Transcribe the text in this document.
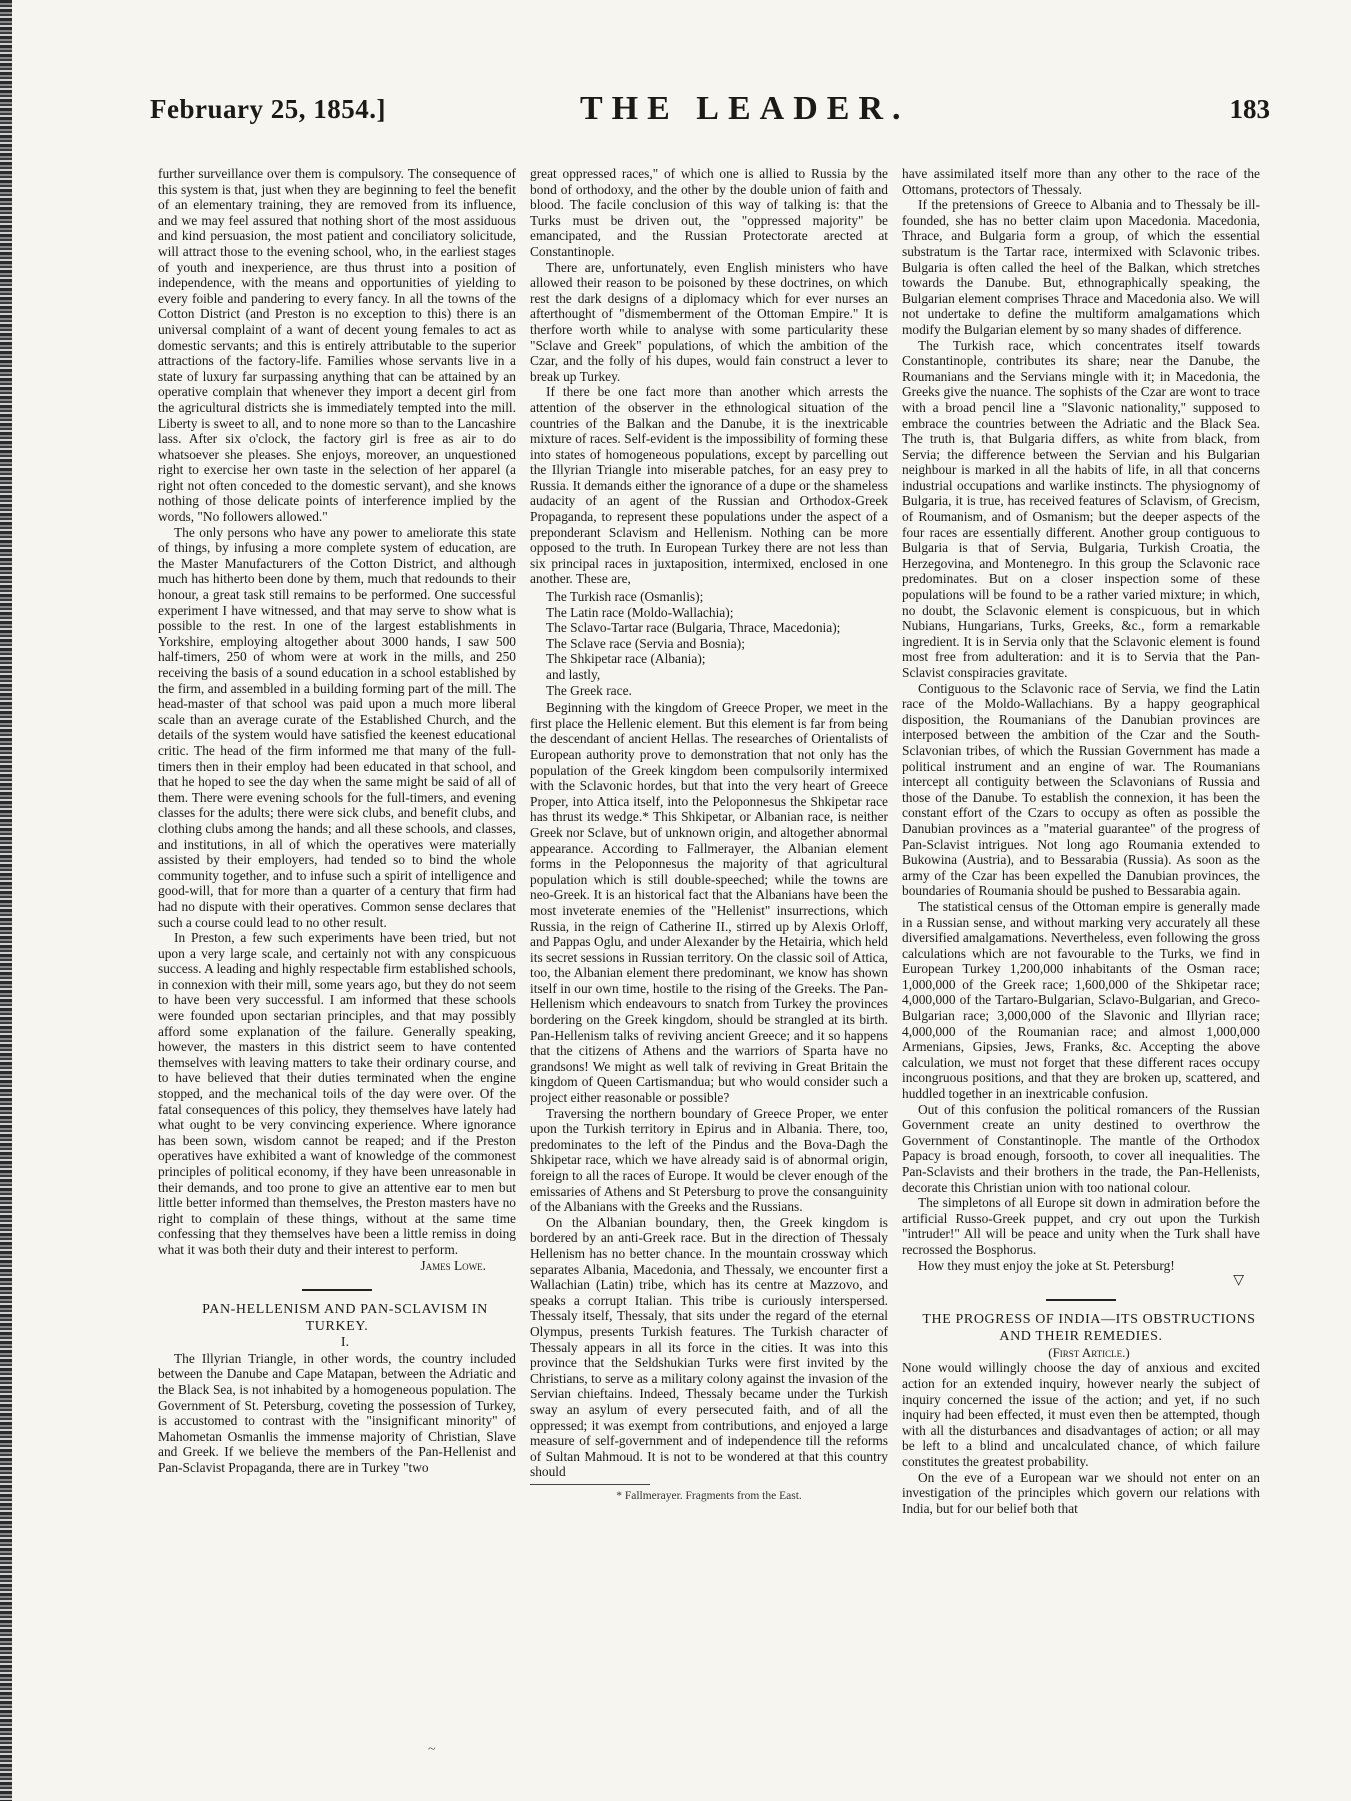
February 25, 1854.]	THE LEADER.	183

further surveillance over them is compulsory. The consequence of this system is that, just when they are beginning to feel the benefit of an elementary training, they are removed from its influence, and we may feel assured that nothing short of the most assiduous and kind persuasion, the most patient and conciliatory solicitude, will attract those to the evening school, who, in the earliest stages of youth and inexperience, are thus thrust into a position of independence, with the means and opportunities of yielding to every foible and pandering to every fancy. In all the towns of the Cotton District (and Preston is no exception to this) there is an universal complaint of a want of decent young females to act as domestic servants; and this is entirely attributable to the superior attractions of the factory-life. Families whose servants live in a state of luxury far surpassing anything that can be attained by an operative complain that whenever they import a decent girl from the agricultural districts she is immediately tempted into the mill. Liberty is sweet to all, and to none more so than to the Lancashire lass. After six o'clock, the factory girl is free as air to do whatsoever she pleases. She enjoys, moreover, an unquestioned right to exercise her own taste in the selection of her apparel (a right not often conceded to the domestic servant), and she knows nothing of those delicate points of interference implied by the words, "No followers allowed."

The only persons who have any power to ameliorate this state of things, by infusing a more complete system of education, are the Master Manufacturers of the Cotton District, and although much has hitherto been done by them, much that redounds to their honour, a great task still remains to be performed. One successful experiment I have witnessed, and that may serve to show what is possible to the rest. In one of the largest establishments in Yorkshire, employing altogether about 3000 hands, I saw 500 half-timers, 250 of whom were at work in the mills, and 250 receiving the basis of a sound education in a school established by the firm, and assembled in a building forming part of the mill. The head-master of that school was paid upon a much more liberal scale than an average curate of the Established Church, and the details of the system would have satisfied the keenest educational critic. The head of the firm informed me that many of the full-timers then in their employ had been educated in that school, and that he hoped to see the day when the same might be said of all of them. There were evening schools for the full-timers, and evening classes for the adults; there were sick clubs, and benefit clubs, and clothing clubs among the hands; and all these schools, and classes, and institutions, in all of which the operatives were materially assisted by their employers, had tended so to bind the whole community together, and to infuse such a spirit of intelligence and good-will, that for more than a quarter of a century that firm had had no dispute with their operatives. Common sense declares that such a course could lead to no other result.

In Preston, a few such experiments have been tried, but not upon a very large scale, and certainly not with any conspicuous success. A leading and highly respectable firm established schools, in connexion with their mill, some years ago, but they do not seem to have been very successful. I am informed that these schools were founded upon sectarian principles, and that may possibly afford some explanation of the failure. Generally speaking, however, the masters in this district seem to have contented themselves with leaving matters to take their ordinary course, and to have believed that their duties terminated when the engine stopped, and the mechanical toils of the day were over. Of the fatal consequences of this policy, they themselves have lately had what ought to be very convincing experience. Where ignorance has been sown, wisdom cannot be reaped; and if the Preston operatives have exhibited a want of knowledge of the commonest principles of political economy, if they have been unreasonable in their demands, and too prone to give an attentive ear to men but little better informed than themselves, the Preston masters have no right to complain of these things, without at the same time confessing that they themselves have been a little remiss in doing what it was both their duty and their interest to perform.

James Lowe.

PAN-HELLENISM AND PAN-SCLAVISM IN TURKEY.

I.

The Illyrian Triangle, in other words, the country included between the Danube and Cape Matapan, between the Adriatic and the Black Sea, is not inhabited by a homogeneous population. The Government of St. Petersburg, coveting the possession of Turkey, is accustomed to contrast with the "insignificant minority" of Mahometan Osmanlis the immense majority of Christian, Slave and Greek. If we believe the members of the Pan-Hellenist and Pan-Sclavist Propaganda, there are in Turkey "two

great oppressed races," of which one is allied to Russia by the bond of orthodoxy, and the other by the double union of faith and blood. The facile conclusion of this way of talking is: that the Turks must be driven out, the "oppressed majority" be emancipated, and the Russian Protectorate arected at Constantinople.

There are, unfortunately, even English ministers who have allowed their reason to be poisoned by these doctrines, on which rest the dark designs of a diplomacy which for ever nurses an afterthought of "dismemberment of the Ottoman Empire." It is therfore worth while to analyse with some particularity these "Sclave and Greek" populations, of which the ambition of the Czar, and the folly of his dupes, would fain construct a lever to break up Turkey.

If there be one fact more than another which arrests the attention of the observer in the ethnological situation of the countries of the Balkan and the Danube, it is the inextricable mixture of races. Self-evident is the impossibility of forming these into states of homogeneous populations, except by parcelling out the Illyrian Triangle into miserable patches, for an easy prey to Russia. It demands either the ignorance of a dupe or the shameless audacity of an agent of the Russian and Orthodox-Greek Propaganda, to represent these populations under the aspect of a preponderant Sclavism and Hellenism. Nothing can be more opposed to the truth. In European Turkey there are not less than six principal races in juxtaposition, intermixed, enclosed in one another. These are,

The Turkish race (Osmanlis);
The Latin race (Moldo-Wallachia);
The Sclavo-Tartar race (Bulgaria, Thrace, Macedonia);
The Sclave race (Servia and Bosnia);
The Shkipetar race (Albania);
and lastly,
The Greek race.

Beginning with the kingdom of Greece Proper, we meet in the first place the Hellenic element. But this element is far from being the descendant of ancient Hellas. The researches of Orientalists of European authority prove to demonstration that not only has the population of the Greek kingdom been compulsorily intermixed with the Sclavonic hordes, but that into the very heart of Greece Proper, into Attica itself, into the Peloponnesus the Shkipetar race has thrust its wedge.* This Shkipetar, or Albanian race, is neither Greek nor Sclave, but of unknown origin, and altogether abnormal appearance. According to Fallmerayer, the Albanian element forms in the Peloponnesus the majority of that agricultural population which is still double-speeched; while the towns are neo-Greek. It is an historical fact that the Albanians have been the most inveterate enemies of the "Hellenist" insurrections, which Russia, in the reign of Catherine II., stirred up by Alexis Orloff, and Pappas Oglu, and under Alexander by the Hetairia, which held its secret sessions in Russian territory. On the classic soil of Attica, too, the Albanian element there predominant, we know has shown itself in our own time, hostile to the rising of the Greeks. The Pan-Hellenism which endeavours to snatch from Turkey the provinces bordering on the Greek kingdom, should be strangled at its birth. Pan-Hellenism talks of reviving ancient Greece; and it so happens that the citizens of Athens and the warriors of Sparta have no grandsons! We might as well talk of reviving in Great Britain the kingdom of Queen Cartismandua; but who would consider such a project either reasonable or possible?

Traversing the northern boundary of Greece Proper, we enter upon the Turkish territory in Epirus and in Albania. There, too, predominates to the left of the Pindus and the Bova-Dagh the Shkipetar race, which we have already said is of abnormal origin, foreign to all the races of Europe. It would be clever enough of the emissaries of Athens and St Petersburg to prove the consanguinity of the Albanians with the Greeks and the Russians.

On the Albanian boundary, then, the Greek kingdom is bordered by an anti-Greek race. But in the direction of Thessaly Hellenism has no better chance. In the mountain crossway which separates Albania, Macedonia, and Thessaly, we encounter first a Wallachian (Latin) tribe, which has its centre at Mazzovo, and speaks a corrupt Italian. This tribe is curiously interspersed. Thessaly itself, Thessaly, that sits under the regard of the eternal Olympus, presents Turkish features. The Turkish character of Thessaly appears in all its force in the cities. It was into this province that the Seldshukian Turks were first invited by the Christians, to serve as a military colony against the invasion of the Servian chieftains. Indeed, Thessaly became under the Turkish sway an asylum of every persecuted faith, and of all the oppressed; it was exempt from contributions, and enjoyed a large measure of self-government and of independence till the reforms of Sultan Mahmoud. It is not to be wondered at that this country should

* Fallmerayer. Fragments from the East.

have assimilated itself more than any other to the race of the Ottomans, protectors of Thessaly.

If the pretensions of Greece to Albania and to Thessaly be ill-founded, she has no better claim upon Macedonia. Macedonia, Thrace, and Bulgaria form a group, of which the essential substratum is the Tartar race, intermixed with Sclavonic tribes. Bulgaria is often called the heel of the Balkan, which stretches towards the Danube. But, ethnographically speaking, the Bulgarian element comprises Thrace and Macedonia also. We will not undertake to define the multiform amalgamations which modify the Bulgarian element by so many shades of difference.

The Turkish race, which concentrates itself towards Constantinople, contributes its share; near the Danube, the Roumanians and the Servians mingle with it; in Macedonia, the Greeks give the nuance. The sophists of the Czar are wont to trace with a broad pencil line a "Slavonic nationality," supposed to embrace the countries between the Adriatic and the Black Sea. The truth is, that Bulgaria differs, as white from black, from Servia; the difference between the Servian and his Bulgarian neighbour is marked in all the habits of life, in all that concerns industrial occupations and warlike instincts. The physiognomy of Bulgaria, it is true, has received features of Sclavism, of Grecism, of Roumanism, and of Osmanism; but the deeper aspects of the four races are essentially different. Another group contiguous to Bulgaria is that of Servia, Bulgaria, Turkish Croatia, the Herzegovina, and Montenegro. In this group the Sclavonic race predominates. But on a closer inspection some of these populations will be found to be a rather varied mixture; in which, no doubt, the Sclavonic element is conspicuous, but in which Nubians, Hungarians, Turks, Greeks, &c., form a remarkable ingredient. It is in Servia only that the Sclavonic element is found most free from adulteration: and it is to Servia that the Pan-Sclavist conspiracies gravitate.

Contiguous to the Sclavonic race of Servia, we find the Latin race of the Moldo-Wallachians. By a happy geographical disposition, the Roumanians of the Danubian provinces are interposed between the ambition of the Czar and the South-Sclavonian tribes, of which the Russian Government has made a political instrument and an engine of war. The Roumanians intercept all contiguity between the Sclavonians of Russia and those of the Danube. To establish the connexion, it has been the constant effort of the Czars to occupy as often as possible the Danubian provinces as a "material guarantee" of the progress of Pan-Sclavist intrigues. Not long ago Roumania extended to Bukowina (Austria), and to Bessarabia (Russia). As soon as the army of the Czar has been expelled the Danubian provinces, the boundaries of Roumania should be pushed to Bessarabia again.

The statistical census of the Ottoman empire is generally made in a Russian sense, and without marking very accurately all these diversified amalgamations. Nevertheless, even following the gross calculations which are not favourable to the Turks, we find in European Turkey 1,200,000 inhabitants of the Osman race; 1,000,000 of the Greek race; 1,600,000 of the Shkipetar race; 4,000,000 of the Tartaro-Bulgarian, Sclavo-Bulgarian, and Greco-Bulgarian race; 3,000,000 of the Slavonic and Illyrian race; 4,000,000 of the Roumanian race; and almost 1,000,000 Armenians, Gipsies, Jews, Franks, &c. Accepting the above calculation, we must not forget that these different races occupy incongruous positions, and that they are broken up, scattered, and huddled together in an inextricable confusion.

Out of this confusion the political romancers of the Russian Government create an unity destined to overthrow the Government of Constantinople. The mantle of the Orthodox Papacy is broad enough, forsooth, to cover all inequalities. The Pan-Sclavists and their brothers in the trade, the Pan-Hellenists, decorate this Christian union with too national colour.

The simpletons of all Europe sit down in admiration before the artificial Russo-Greek puppet, and cry out upon the Turkish "intruder!" All will be peace and unity when the Turk shall have recrossed the Bosphorus.

How they must enjoy the joke at St. Petersburg!

▽

THE PROGRESS OF INDIA—ITS OBSTRUCTIONS AND THEIR REMEDIES.

(First Article.)

None would willingly choose the day of anxious and excited action for an extended inquiry, however nearly the subject of inquiry concerned the issue of the action; and yet, if no such inquiry had been effected, it must even then be attempted, though with all the disturbances and disadvantages of action; or all may be left to a blind and uncalculated chance, of which failure constitutes the greatest probability.

On the eve of a European war we should not enter on an investigation of the principles which govern our relations with India, but for our belief both that

~
